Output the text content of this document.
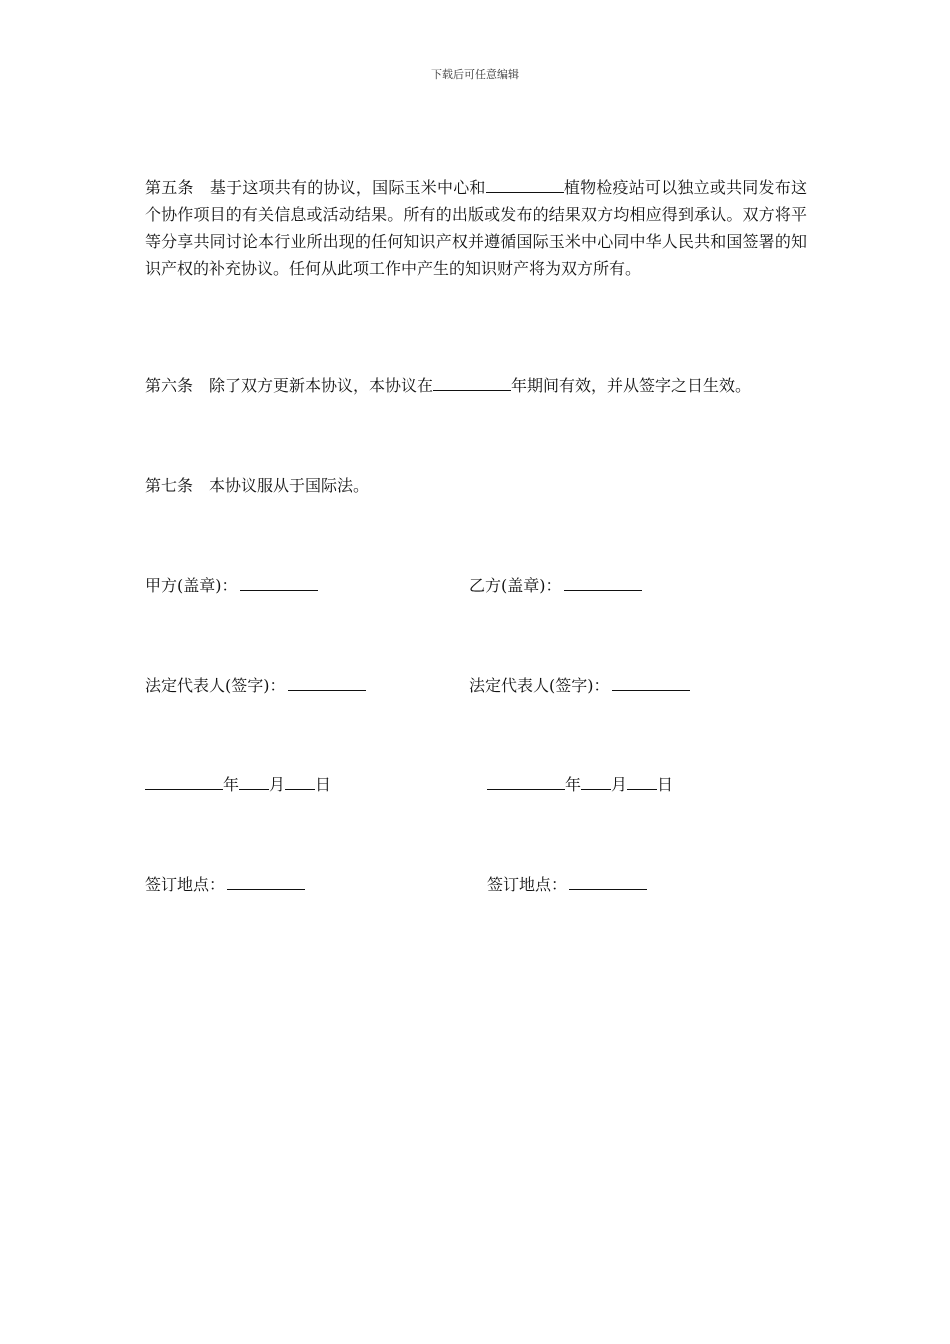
下载后可任意编辑
第五条 基于这项共有的协议，国际玉米中心和	植物检疫站可以独立或共同发布这个协作项目的有关信息或活动结果。所有的出版或发布的结果双方均相应得到承认。双方将平等分享共同讨论本行业所出现的任何知识产权并遵循国际玉米中心同中华人民共和国签署的知识产权的补充协议。任何从此项工作中产生的知识财产将为双方所有。
第六条 除了双方更新本协议，本协议在	年期间有效，并从签字之日生效。
第七条 本协议服从于国际法。
甲方(盖章)：	乙方(盖章)：
法定代表人(签字)：	法定代表人(签字)：
年 月 日	年 月 日
签订地点：	签订地点：
